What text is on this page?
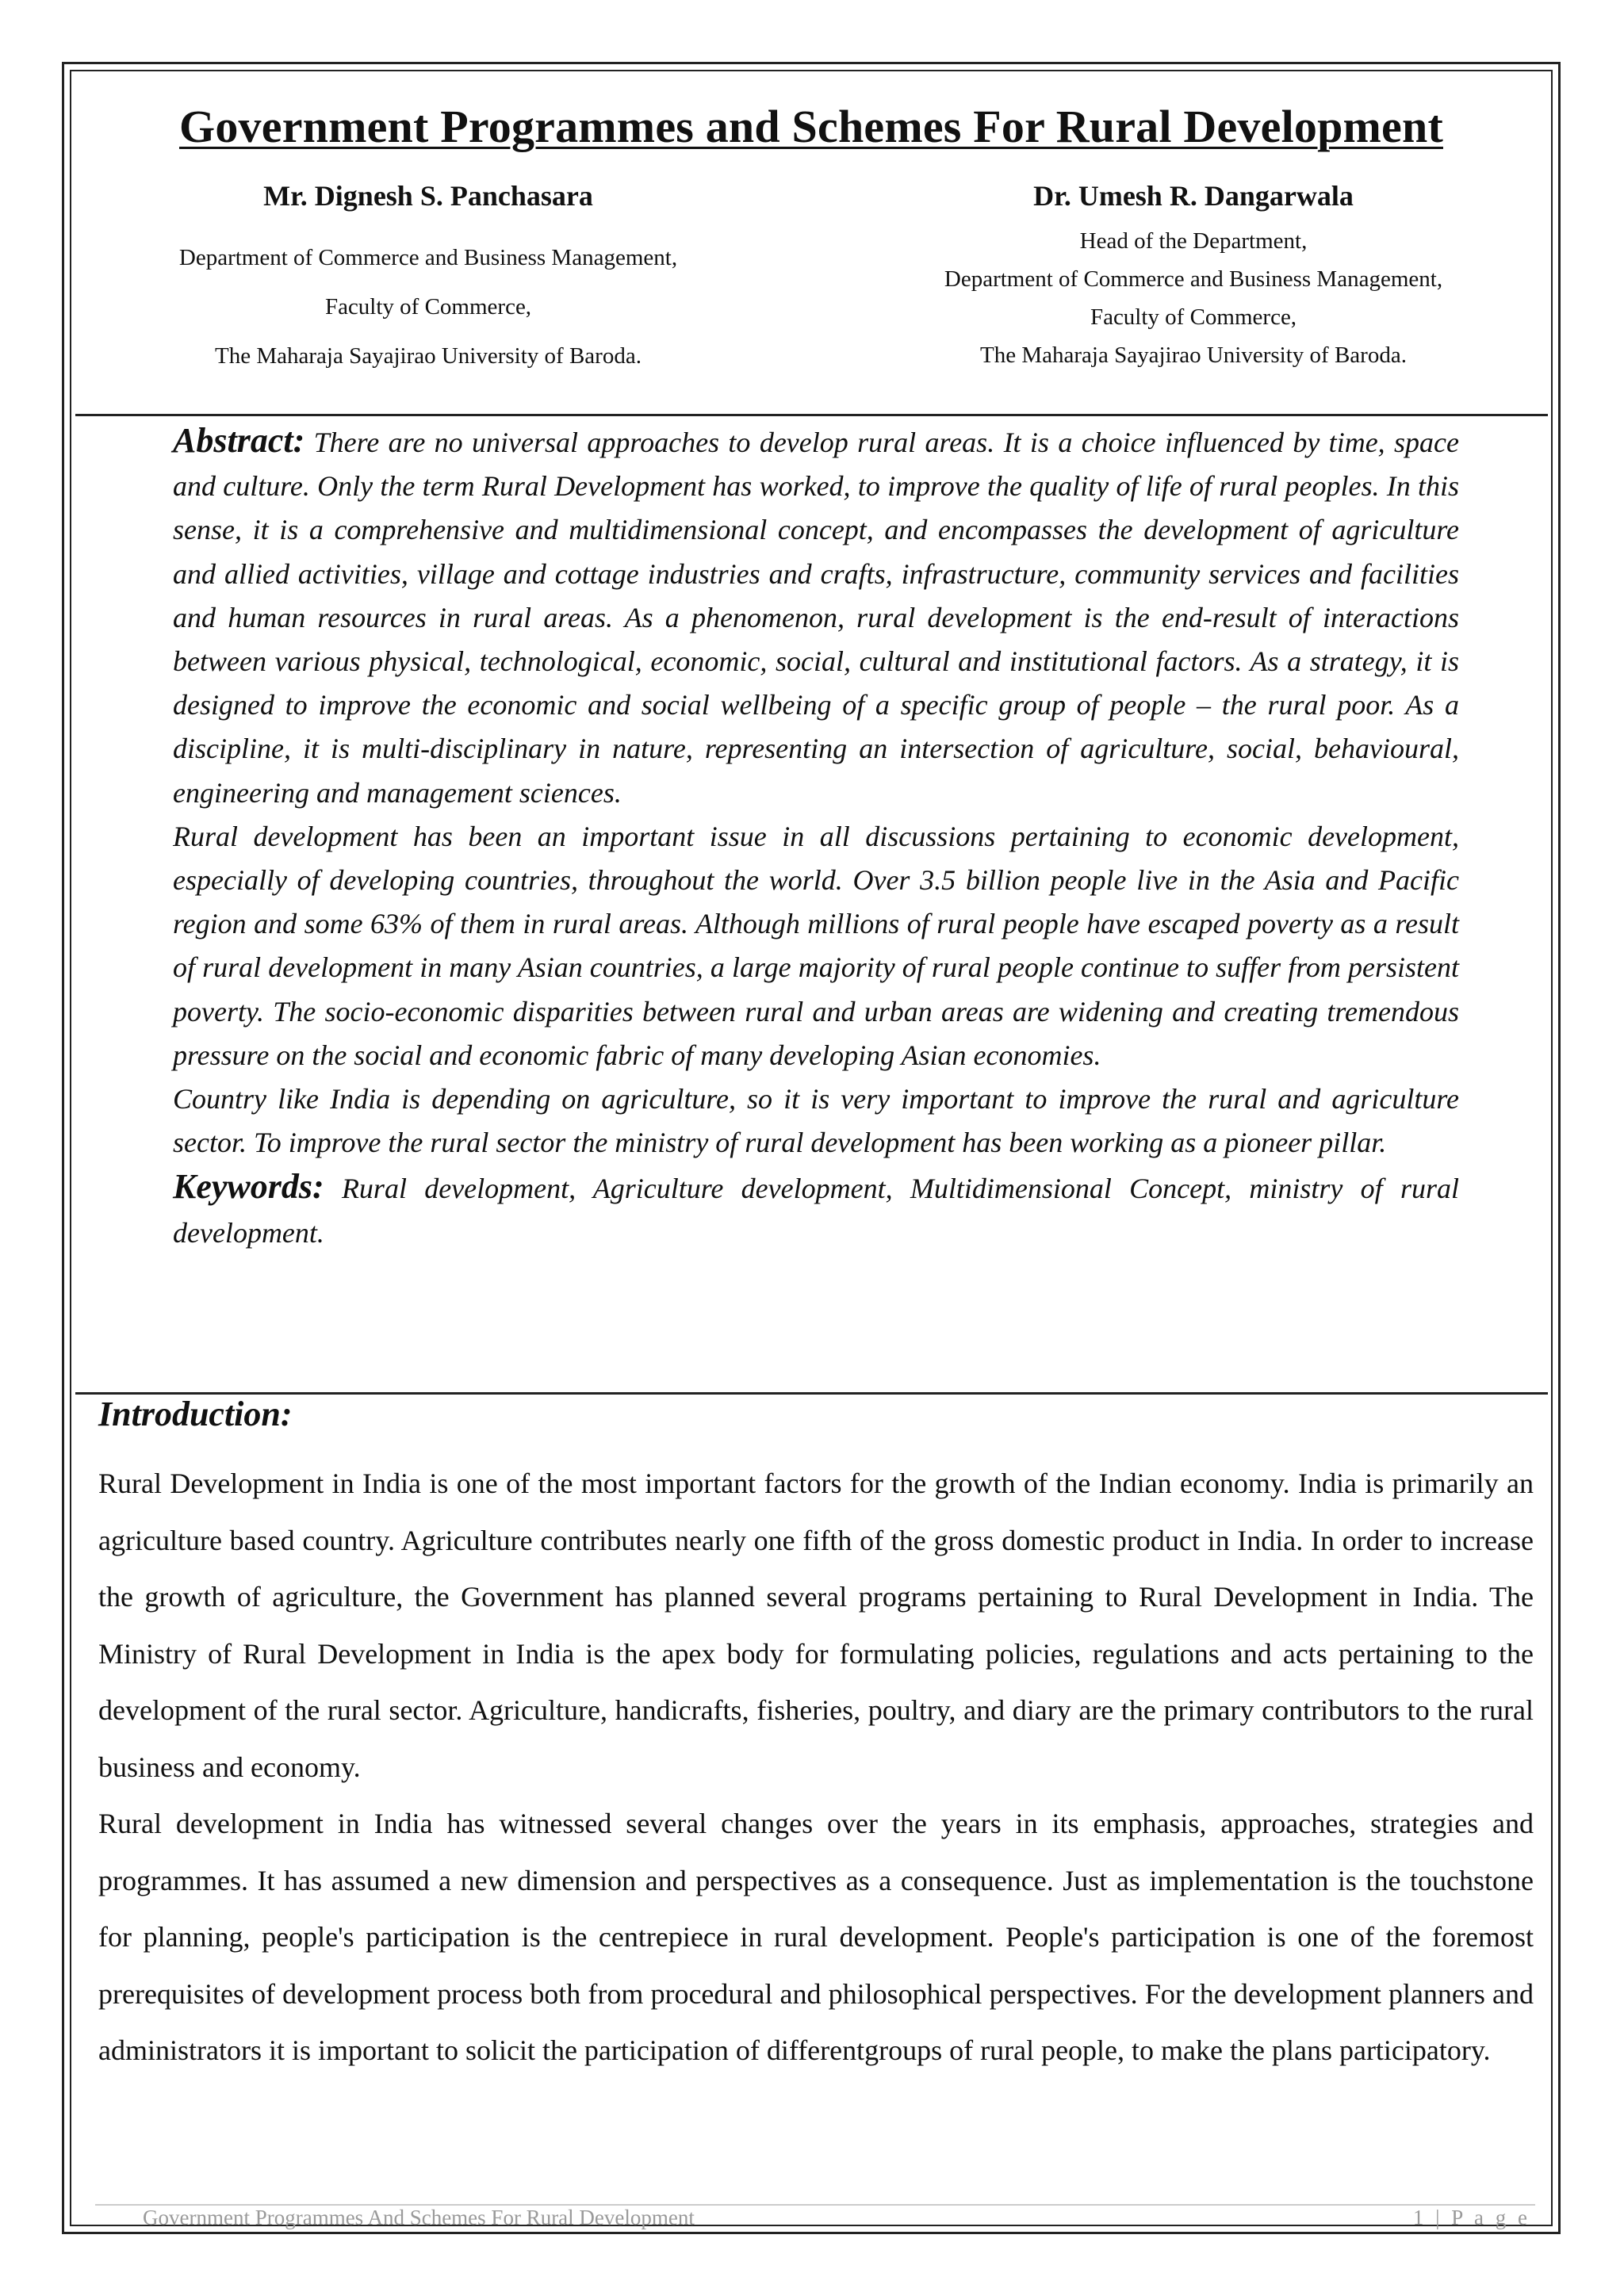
Government Programmes and Schemes For Rural Development
Mr. Dignesh S. Panchasara
Department of Commerce and Business Management,
Faculty of Commerce,
The Maharaja Sayajirao University of Baroda.
Dr. Umesh R. Dangarwala
Head of the Department,
Department of Commerce and Business Management,
Faculty of Commerce,
The Maharaja Sayajirao University of Baroda.

Abstract: There are no universal approaches to develop rural areas. It is a choice influenced by time, space and culture. Only the term Rural Development has worked, to improve the quality of life of rural peoples. In this sense, it is a comprehensive and multidimensional concept, and encompasses the development of agriculture and allied activities, village and cottage industries and crafts, infrastructure, community services and facilities and human resources in rural areas. As a phenomenon, rural development is the end-result of interactions between various physical, technological, economic, social, cultural and institutional factors. As a strategy, it is designed to improve the economic and social wellbeing of a specific group of people – the rural poor. As a discipline, it is multi-disciplinary in nature, representing an intersection of agriculture, social, behavioural, engineering and management sciences.

Rural development has been an important issue in all discussions pertaining to economic development, especially of developing countries, throughout the world. Over 3.5 billion people live in the Asia and Pacific region and some 63% of them in rural areas. Although millions of rural people have escaped poverty as a result of rural development in many Asian countries, a large majority of rural people continue to suffer from persistent poverty. The socio-economic disparities between rural and urban areas are widening and creating tremendous pressure on the social and economic fabric of many developing Asian economies.

Country like India is depending on agriculture, so it is very important to improve the rural and agriculture sector. To improve the rural sector the ministry of rural development has been working as a pioneer pillar.

Keywords: Rural development, Agriculture development, Multidimensional Concept, ministry of rural development.

Introduction:

Rural Development in India is one of the most important factors for the growth of the Indian economy. India is primarily an agriculture based country. Agriculture contributes nearly one fifth of the gross domestic product in India. In order to increase the growth of agriculture, the Government has planned several programs pertaining to Rural Development in India. The Ministry of Rural Development in India is the apex body for formulating policies, regulations and acts pertaining to the development of the rural sector. Agriculture, handicrafts, fisheries, poultry, and diary are the primary contributors to the rural business and economy.

Rural development in India has witnessed several changes over the years in its emphasis, approaches, strategies and programmes. It has assumed a new dimension and perspectives as a consequence. Just as implementation is the touchstone for planning, people's participation is the centrepiece in rural development. People's participation is one of the foremost prerequisites of development process both from procedural and philosophical perspectives. For the development planners and administrators it is important to solicit the participation of differentgroups of rural people, to make the plans participatory.

Government Programmes And Schemes For Rural Development	1 | P a g e
